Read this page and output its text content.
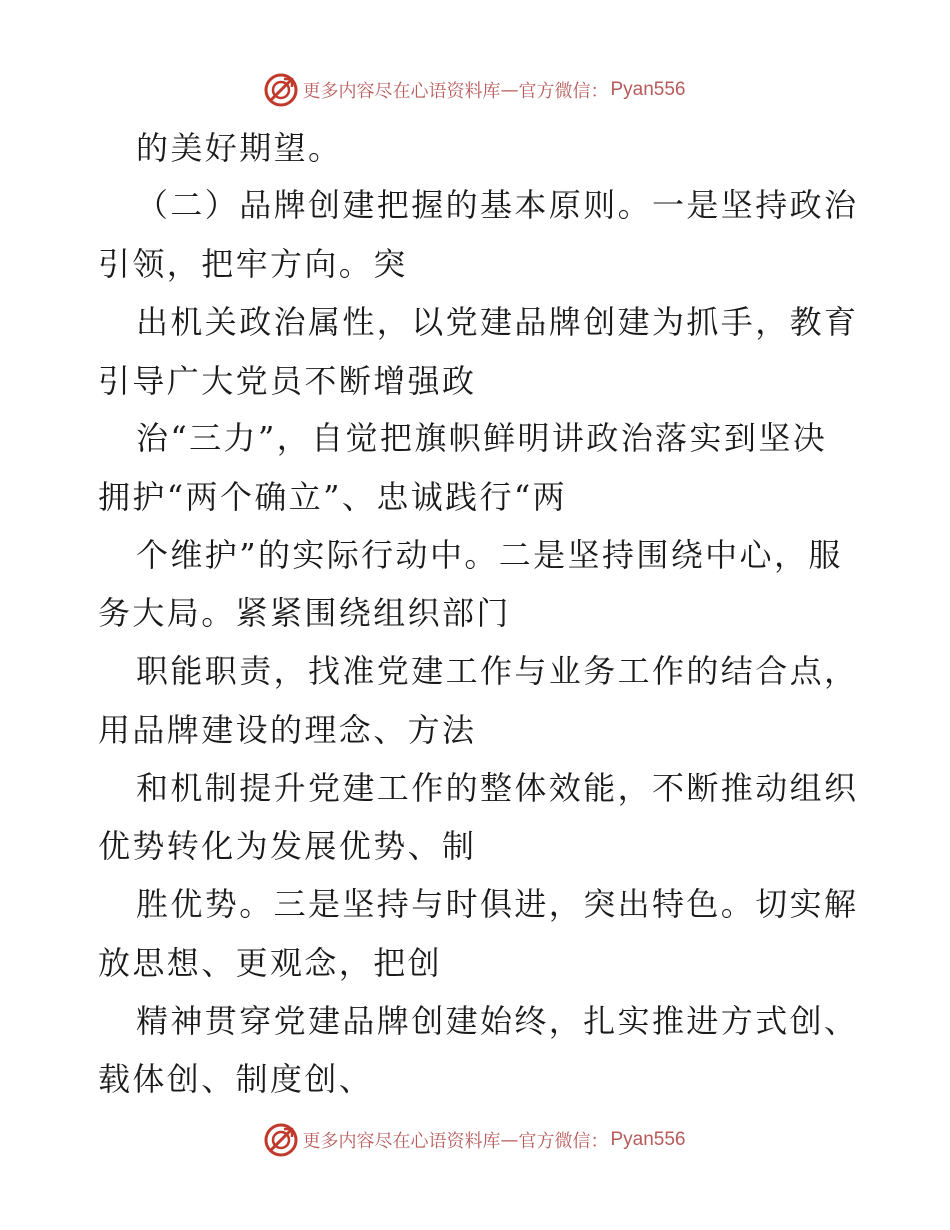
更多内容尽在心语资料库 — 官方微信： Pyan556
的美好期望。
（二）品牌创建把握的基本原则。一是坚持政治
引领，把牢方向。突
出机关政治属性，以党建品牌创建为抓手，教育
引导广大党员不断增强政
治“三力”，自觉把旗帜鲜明讲政治落实到坚决
拥护“两个确立”、忠诚践行“两
个维护”的实际行动中。二是坚持围绕中心，服
务大局。紧紧围绕组织部门
职能职责，找准党建工作与业务工作的结合点，
用品牌建设的理念、方法
和机制提升党建工作的整体效能，不断推动组织
优势转化为发展优势、制
胜优势。三是坚持与时俱进，突出特色。切实解
放思想、更观念，把创
精神贯穿党建品牌创建始终，扎实推进方式创、
载体创、制度创、
更多内容尽在心语资料库 — 官方微信： Pyan556
